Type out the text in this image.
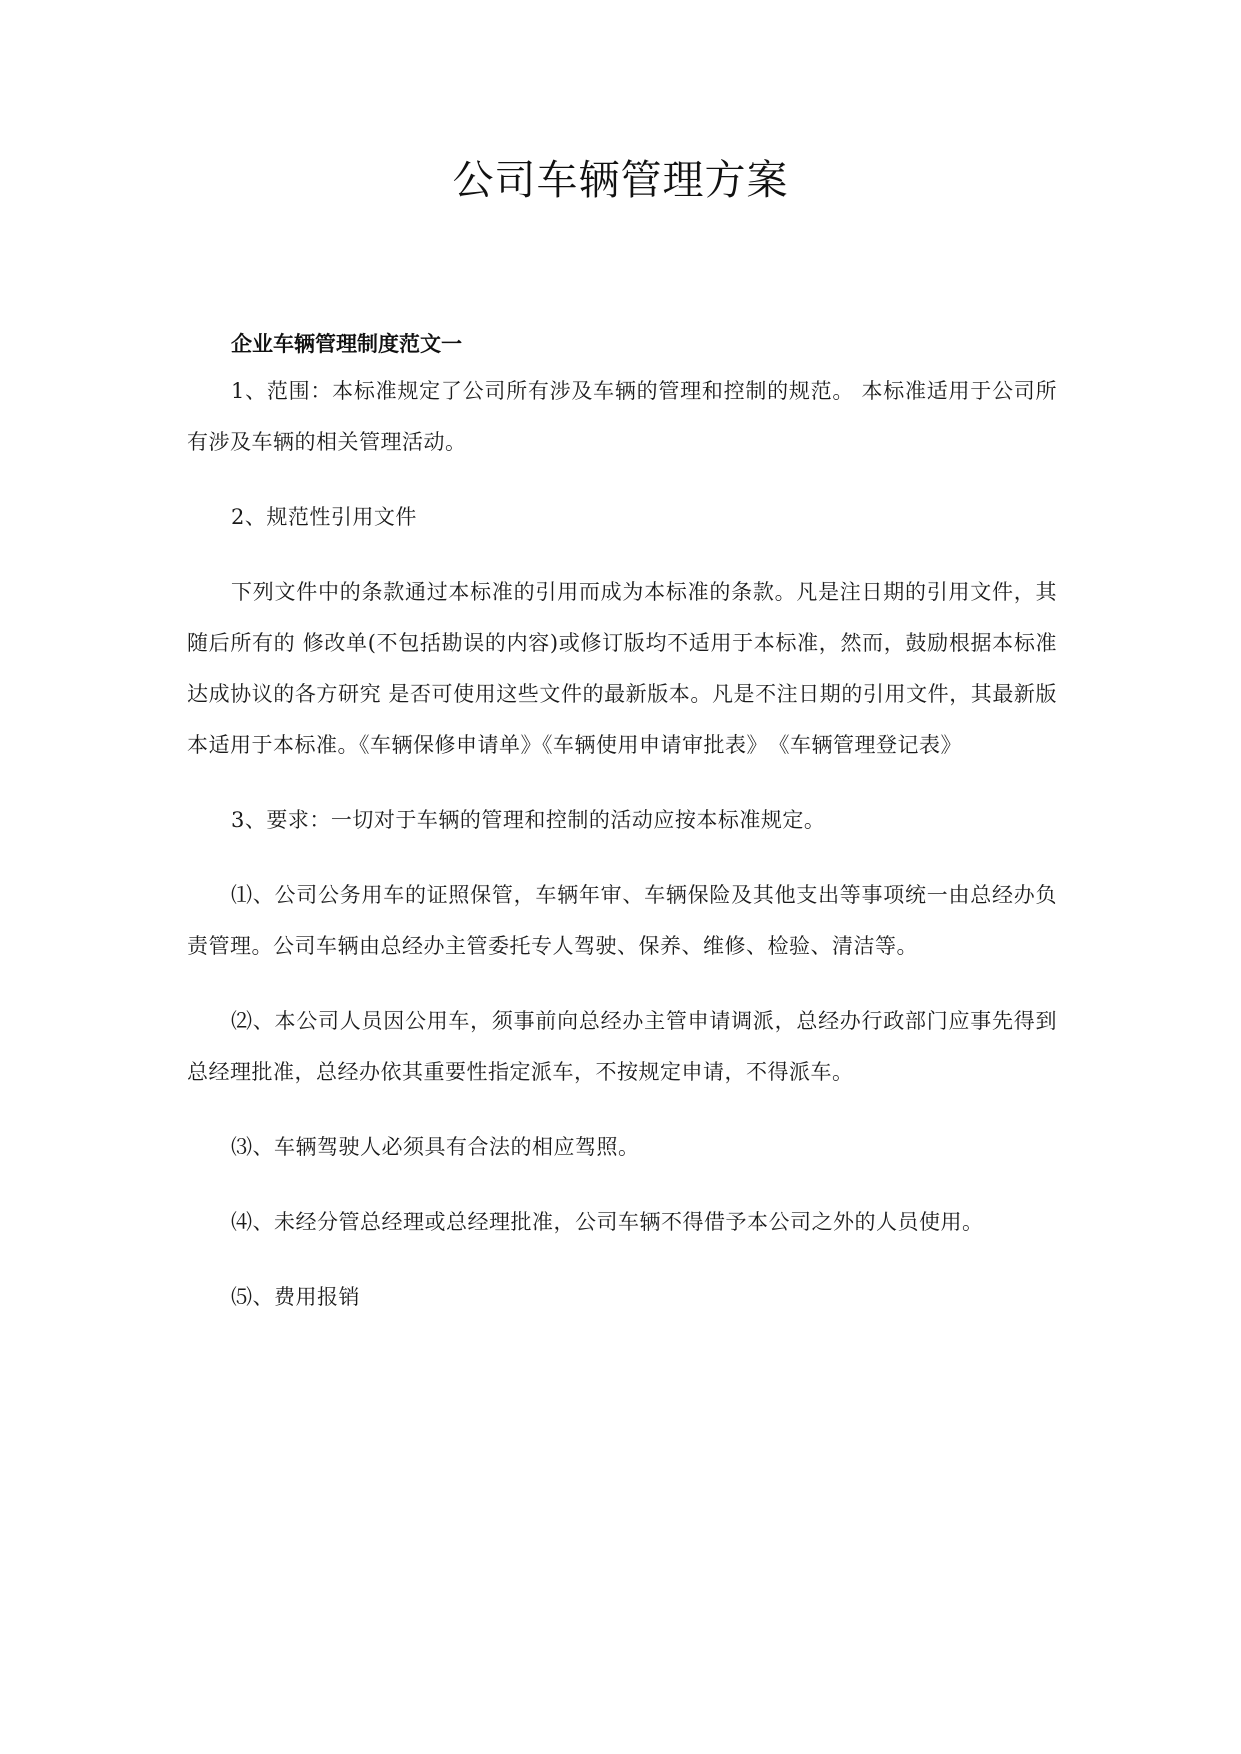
公司车辆管理方案
企业车辆管理制度范文一

1、范围：本标准规定了公司所有涉及车辆的管理和控制的规范。 本标准适用于公司所有涉及车辆的相关管理活动。

2、规范性引用文件

下列文件中的条款通过本标准的引用而成为本标准的条款。凡是注日期的引用文件，其随后所有的 修改单(不包括勘误的内容)或修订版均不适用于本标准，然而，鼓励根据本标准达成协议的各方研究 是否可使用这些文件的最新版本。凡是不注日期的引用文件，其最新版本适用于本标准。《车辆保修申请单》《车辆使用申请审批表》　《车辆管理登记表》

3、要求：一切对于车辆的管理和控制的活动应按本标准规定。

⑴、公司公务用车的证照保管，车辆年审、车辆保险及其他支出等事项统一由总经办负责管理。公司车辆由总经办主管委托专人驾驶、保养、维修、检验、清洁等。

⑵、本公司人员因公用车，须事前向总经办主管申请调派，总经办行政部门应事先得到总经理批准，总经办依其重要性指定派车，不按规定申请，不得派车。

⑶、车辆驾驶人必须具有合法的相应驾照。

⑷、未经分管总经理或总经理批准，公司车辆不得借予本公司之外的人员使用。

⑸、费用报销
